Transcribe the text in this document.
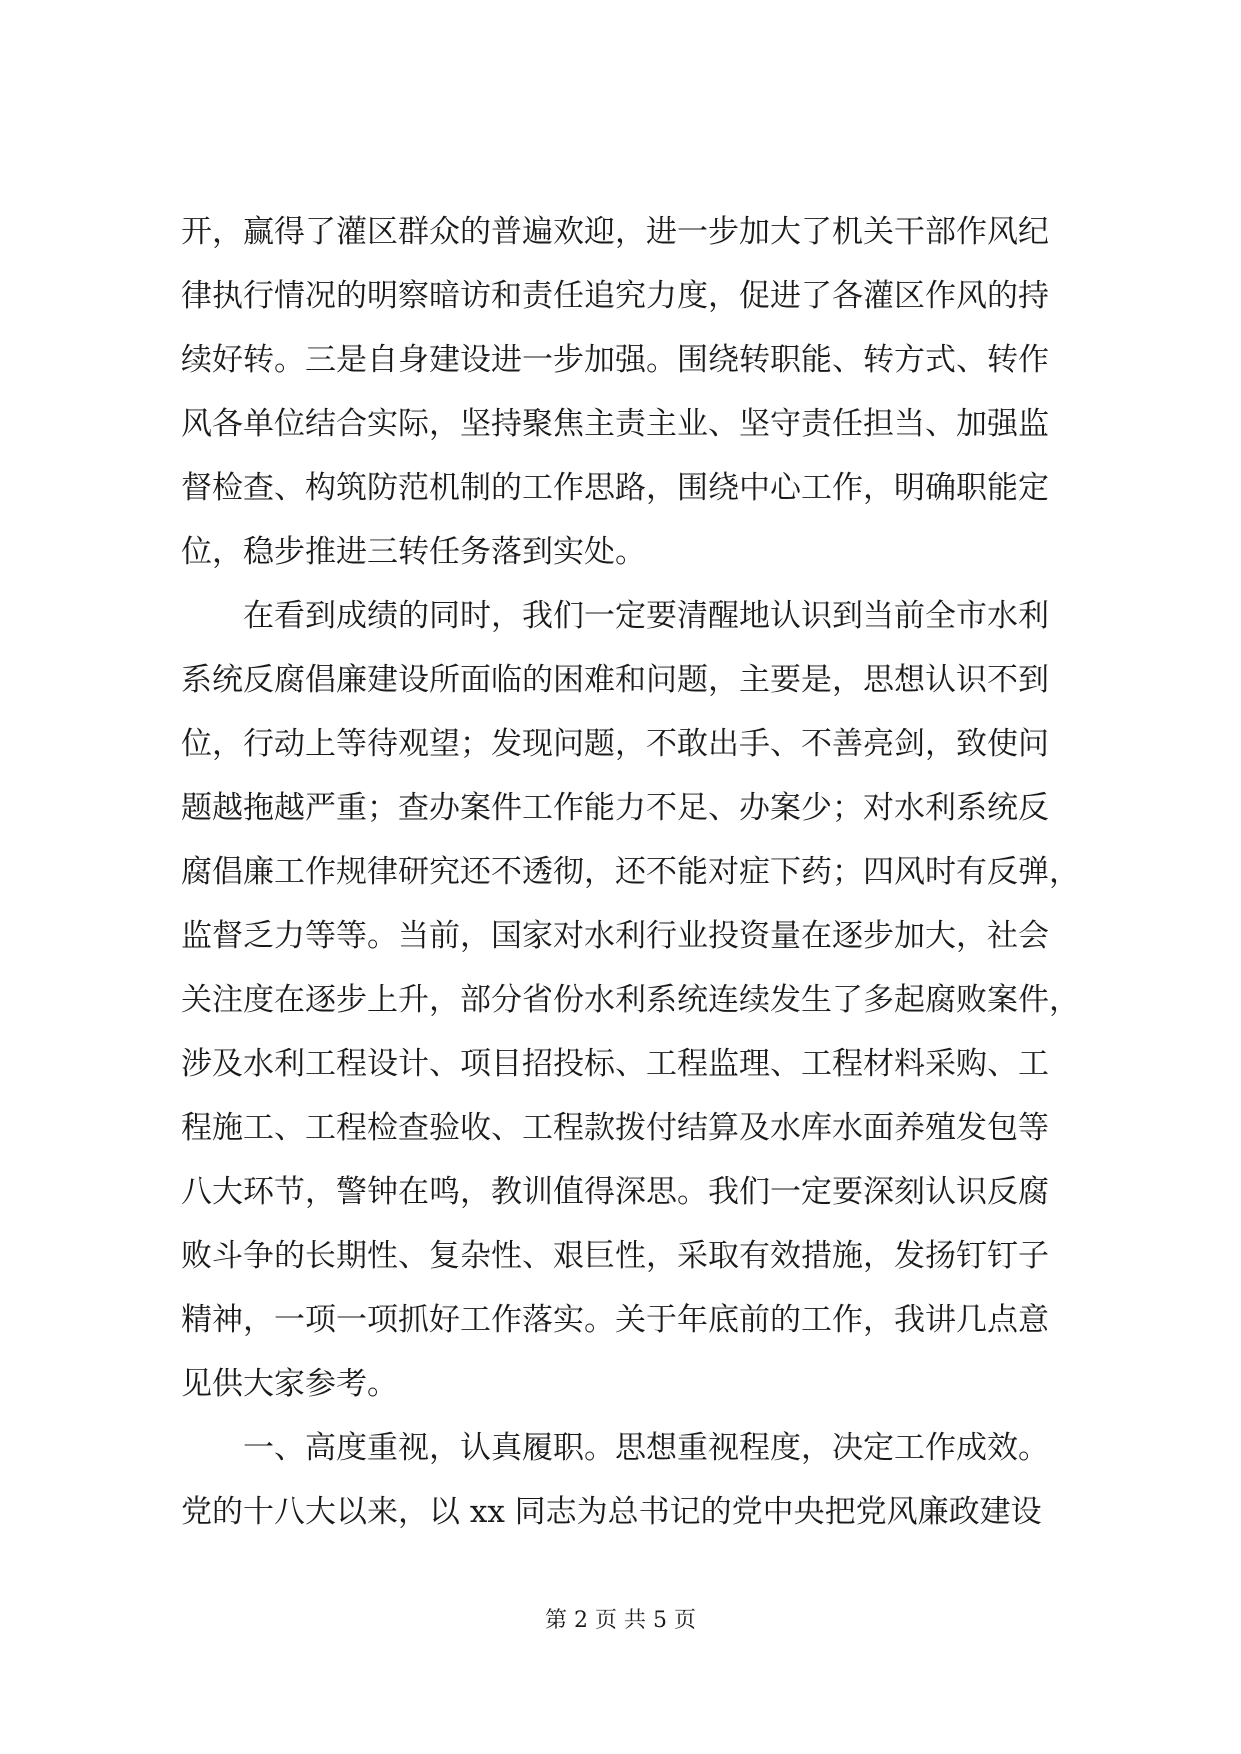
开，赢得了灌区群众的普遍欢迎，进一步加大了机关干部作风纪
律执行情况的明察暗访和责任追究力度，促进了各灌区作风的持
续好转。三是自身建设进一步加强。围绕转职能、转方式、转作
风各单位结合实际，坚持聚焦主责主业、坚守责任担当、加强监
督检查、构筑防范机制的工作思路，围绕中心工作，明确职能定
位，稳步推进三转任务落到实处。
在看到成绩的同时，我们一定要清醒地认识到当前全市水利
系统反腐倡廉建设所面临的困难和问题，主要是，思想认识不到
位，行动上等待观望；发现问题，不敢出手、不善亮剑，致使问
题越拖越严重；查办案件工作能力不足、办案少；对水利系统反
腐倡廉工作规律研究还不透彻，还不能对症下药；四风时有反弹，
监督乏力等等。当前，国家对水利行业投资量在逐步加大，社会
关注度在逐步上升，部分省份水利系统连续发生了多起腐败案件，
涉及水利工程设计、项目招投标、工程监理、工程材料采购、工
程施工、工程检查验收、工程款拨付结算及水库水面养殖发包等
八大环节，警钟在鸣，教训值得深思。我们一定要深刻认识反腐
败斗争的长期性、复杂性、艰巨性，采取有效措施，发扬钉钉子
精神，一项一项抓好工作落实。关于年底前的工作，我讲几点意
见供大家参考。
一、高度重视，认真履职。思想重视程度，决定工作成效。
党的十八大以来，以 xx 同志为总书记的党中央把党风廉政建设
第 2 页 共 5 页
